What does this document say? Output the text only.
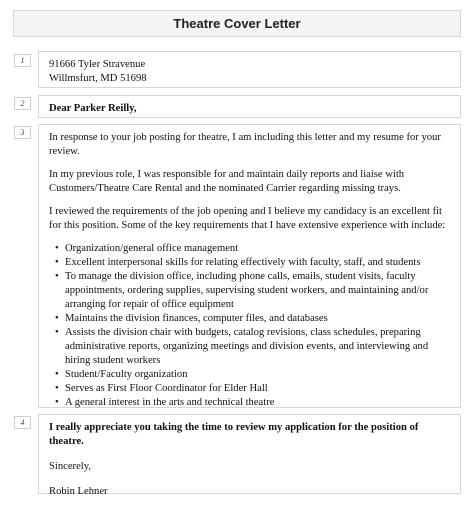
Theatre Cover Letter
1	91666 Tyler Stravenue
Willmsfurt, MD 51698
2	Dear Parker Reilly,
3	In response to your job posting for theatre, I am including this letter and my resume for your review.

In my previous role, I was responsible for and maintain daily reports and liaise with Customers/Theatre Care Rental and the nominated Carrier regarding missing trays.

I reviewed the requirements of the job opening and I believe my candidacy is an excellent fit for this position. Some of the key requirements that I have extensive experience with include:

• Organization/general office management
• Excellent interpersonal skills for relating effectively with faculty, staff, and students
• To manage the division office, including phone calls, emails, student visits, faculty appointments, ordering supplies, supervising student workers, and maintaining and/or arranging for repair of office equipment
• Maintains the division finances, computer files, and databases
• Assists the division chair with budgets, catalog revisions, class schedules, preparing administrative reports, organizing meetings and division events, and interviewing and hiring student workers
• Student/Faculty organization
• Serves as First Floor Coordinator for Elder Hall
• A general interest in the arts and technical theatre
4	I really appreciate you taking the time to review my application for the position of theatre.

Sincerely,

Robin Lehner
